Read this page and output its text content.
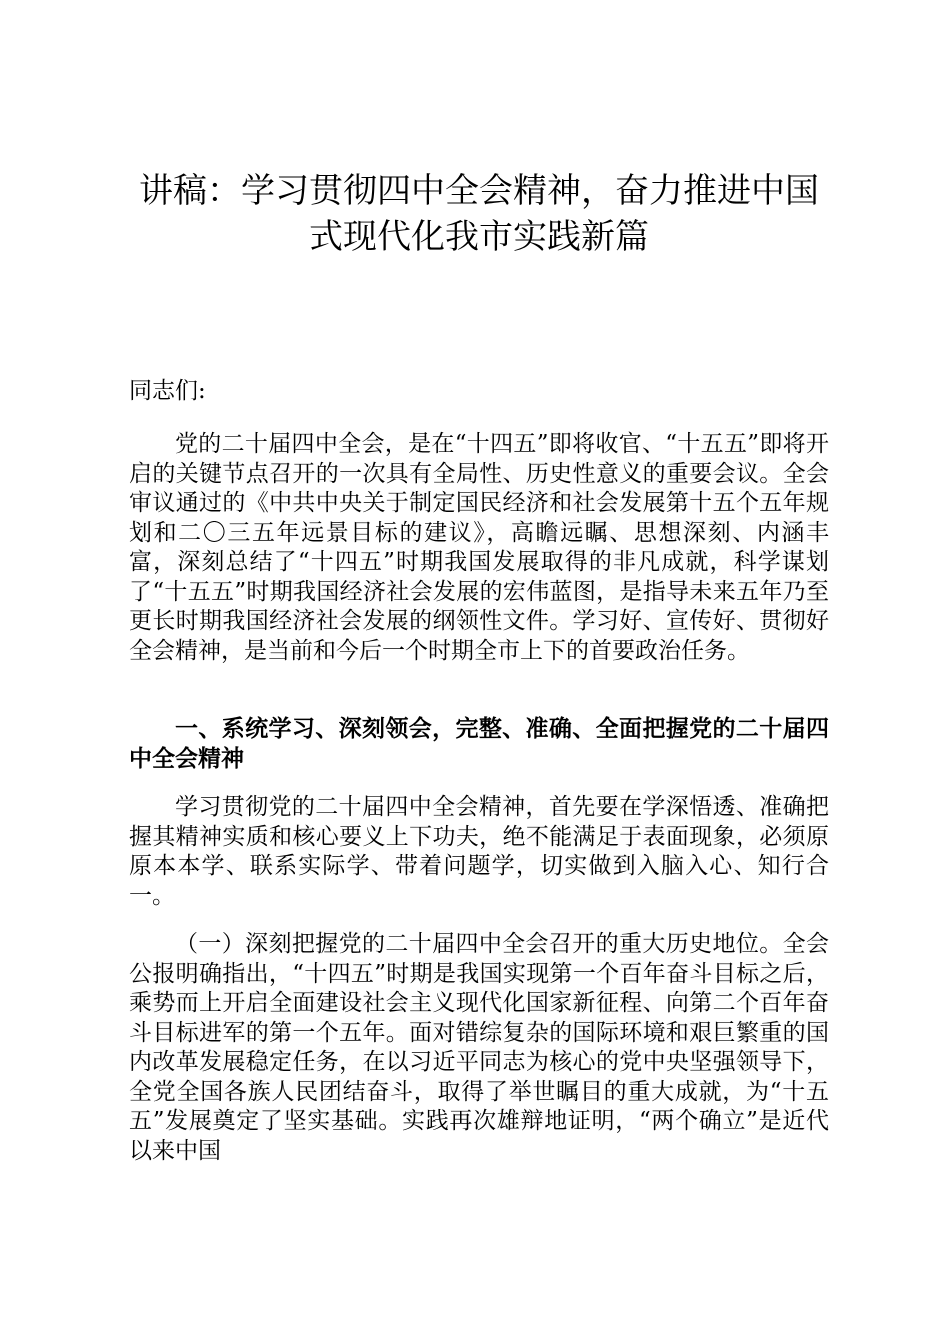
讲稿：学习贯彻四中全会精神，奋力推进中国式现代化我市实践新篇

同志们:

党的二十届四中全会，是在“十四五”即将收官、“十五五”即将开启的关键节点召开的一次具有全局性、历史性意义的重要会议。全会审议通过的《中共中央关于制定国民经济和社会发展第十五个五年规划和二〇三五年远景目标的建议》，高瞻远瞩、思想深刻、内涵丰富，深刻总结了“十四五”时期我国发展取得的非凡成就，科学谋划了“十五五”时期我国经济社会发展的宏伟蓝图，是指导未来五年乃至更长时期我国经济社会发展的纲领性文件。学习好、宣传好、贯彻好全会精神，是当前和今后一个时期全市上下的首要政治任务。

一、系统学习、深刻领会，完整、准确、全面把握党的二十届四中全会精神

学习贯彻党的二十届四中全会精神，首先要在学深悟透、准确把握其精神实质和核心要义上下功夫，绝不能满足于表面现象，必须原原本本学、联系实际学、带着问题学，切实做到入脑入心、知行合一。

（一）深刻把握党的二十届四中全会召开的重大历史地位。全会公报明确指出，“十四五”时期是我国实现第一个百年奋斗目标之后，乘势而上开启全面建设社会主义现代化国家新征程、向第二个百年奋斗目标进军的第一个五年。面对错综复杂的国际环境和艰巨繁重的国内改革发展稳定任务，在以习近平同志为核心的党中央坚强领导下，全党全国各族人民团结奋斗，取得了举世瞩目的重大成就，为“十五五”发展奠定了坚实基础。实践再次雄辩地证明，“两个确立”是近代以来中国
